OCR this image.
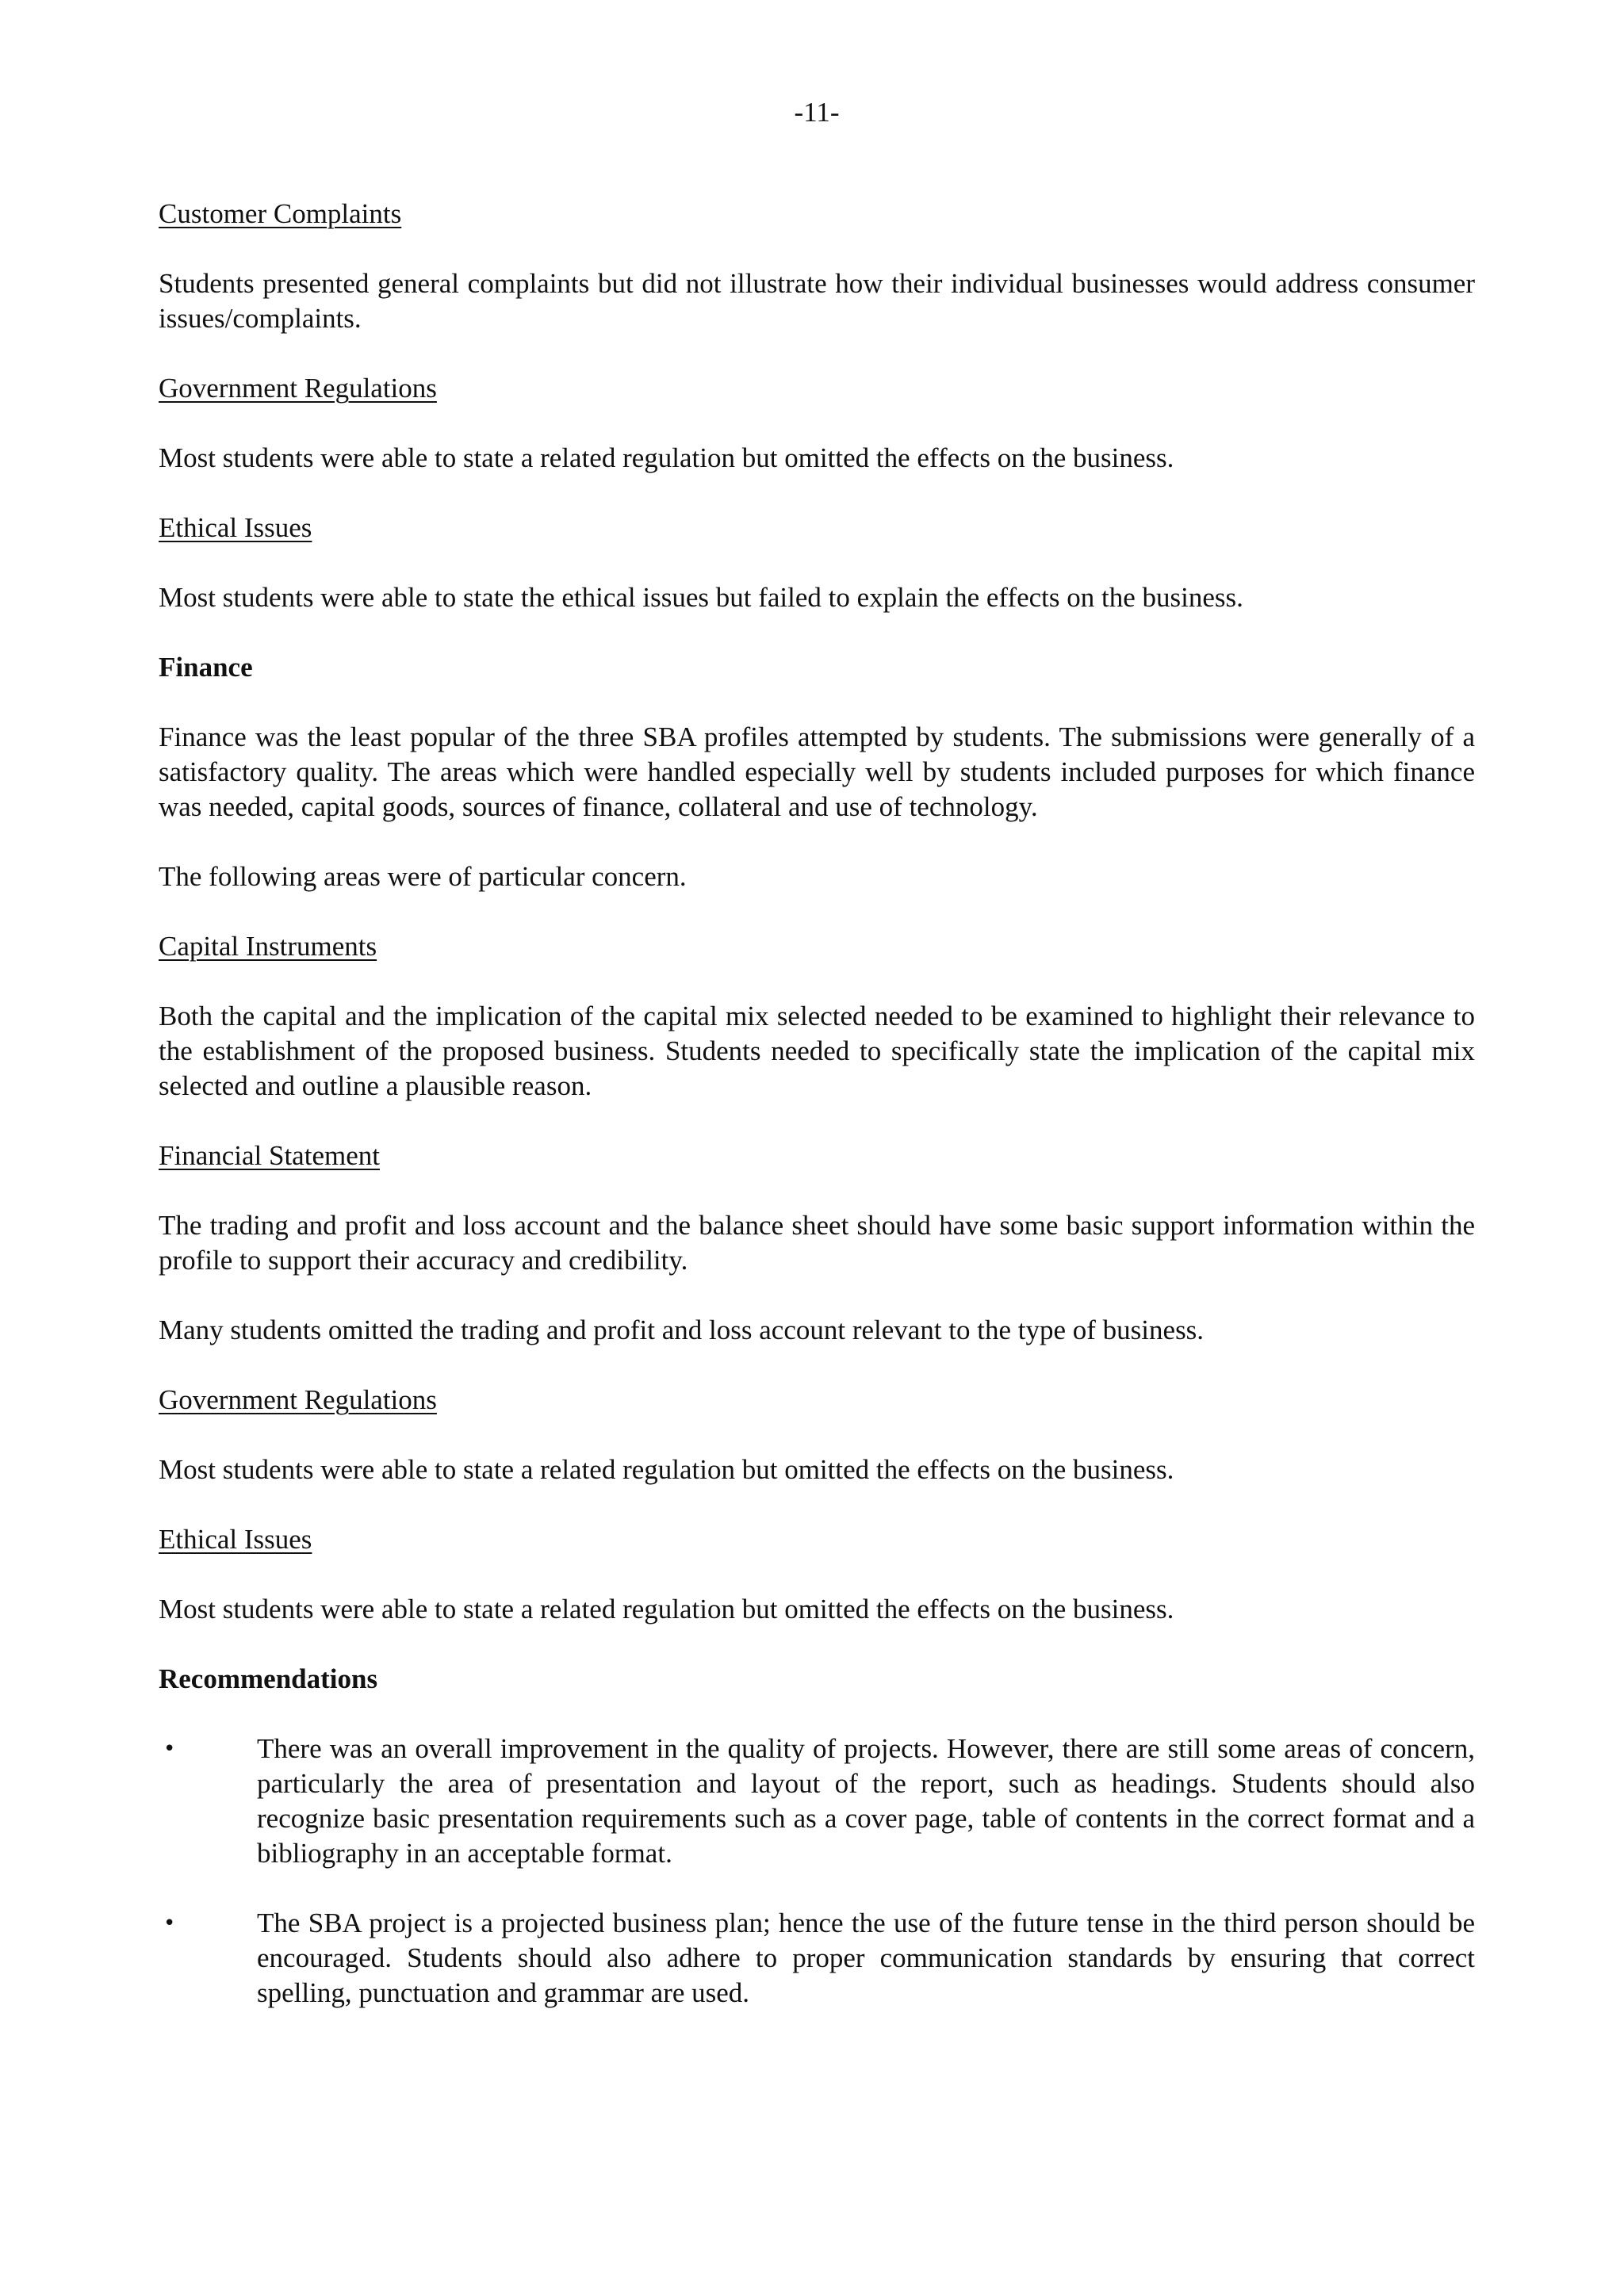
-11-
Customer Complaints
Students presented general complaints but did not illustrate how their individual businesses would address consumer issues/complaints.
Government Regulations
Most students were able to state a related regulation but omitted the effects on the business.
Ethical Issues
Most students were able to state the ethical issues but failed to explain the effects on the business.
Finance
Finance was the least popular of the three SBA profiles attempted by students. The submissions were generally of a satisfactory quality. The areas which were handled especially well by students included purposes for which finance was needed, capital goods, sources of finance, collateral and use of technology.
The following areas were of particular concern.
Capital Instruments
Both the capital and the implication of the capital mix selected needed to be examined to highlight their relevance to the establishment of the proposed business. Students needed to specifically state the implication of the capital mix selected and outline a plausible reason.
Financial Statement
The trading and profit and loss account and the balance sheet should have some basic support information within the profile to support their accuracy and credibility.
Many students omitted the trading and profit and loss account relevant to the type of business.
Government Regulations
Most students were able to state a related regulation but omitted the effects on the business.
Ethical Issues
Most students were able to state a related regulation but omitted the effects on the business.
Recommendations
•	There was an overall improvement in the quality of projects. However, there are still some areas of concern, particularly the area of presentation and layout of the report, such as headings. Students should also recognize basic presentation requirements such as a cover page, table of contents in the correct format and a bibliography in an acceptable format.
•	The SBA project is a projected business plan; hence the use of the future tense in the third person should be encouraged. Students should also adhere to proper communication standards by ensuring that correct spelling, punctuation and grammar are used.
